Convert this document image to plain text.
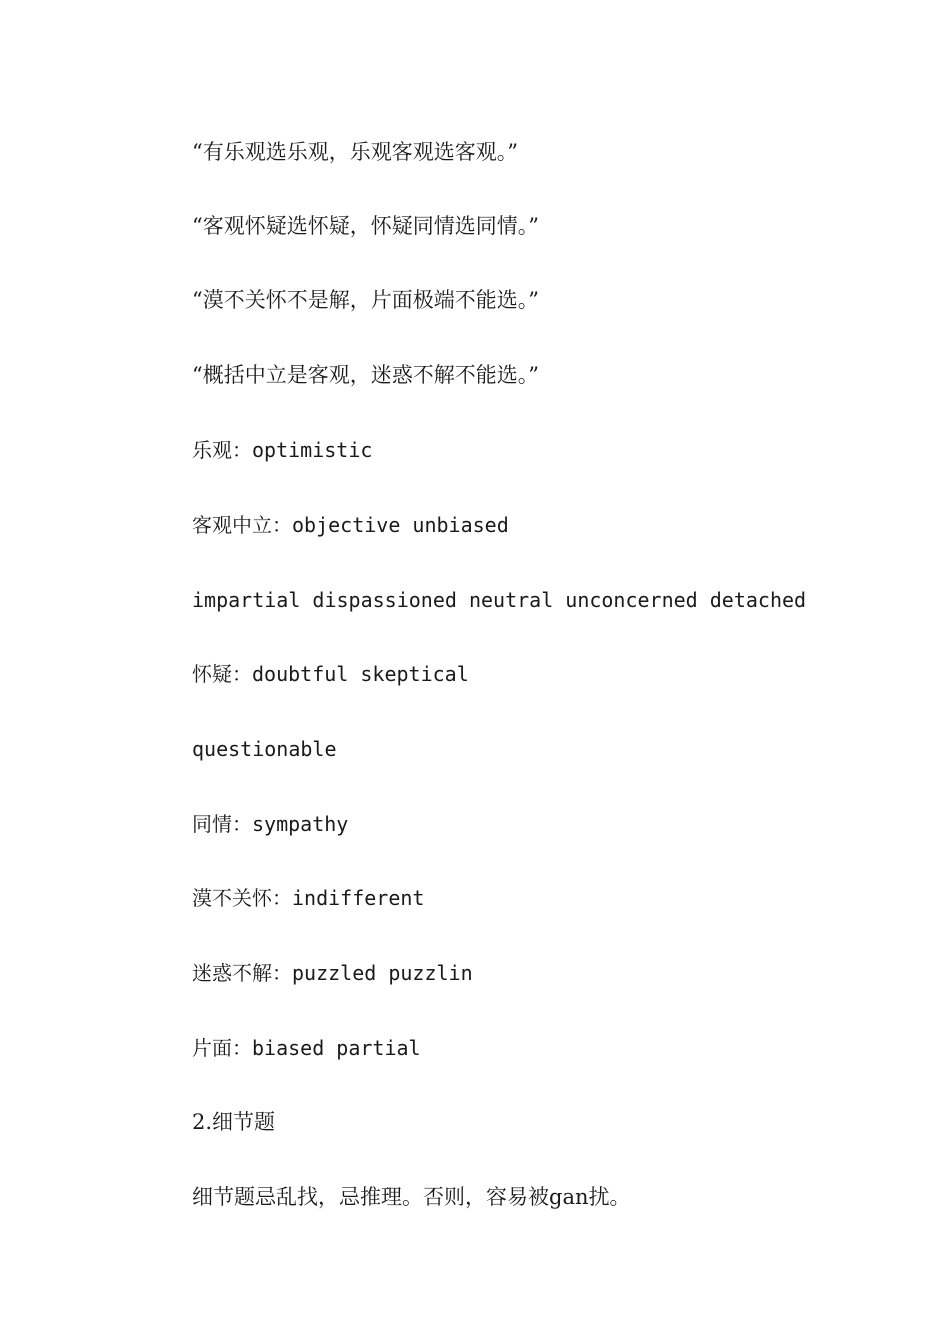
“有乐观选乐观，乐观客观选客观。”

“客观怀疑选怀疑，怀疑同情选同情。”

“漠不关怀不是解，片面极端不能选。”

“概括中立是客观，迷惑不解不能选。”

乐观：optimistic

客观中立：objective unbiased

impartial dispassioned neutral unconcerned detached

怀疑：doubtful skeptical

questionable

同情：sympathy

漠不关怀：indifferent

迷惑不解：puzzled puzzlin

片面：biased partial

2.细节题

细节题忌乱找，忌推理。否则，容易被gan扰。
